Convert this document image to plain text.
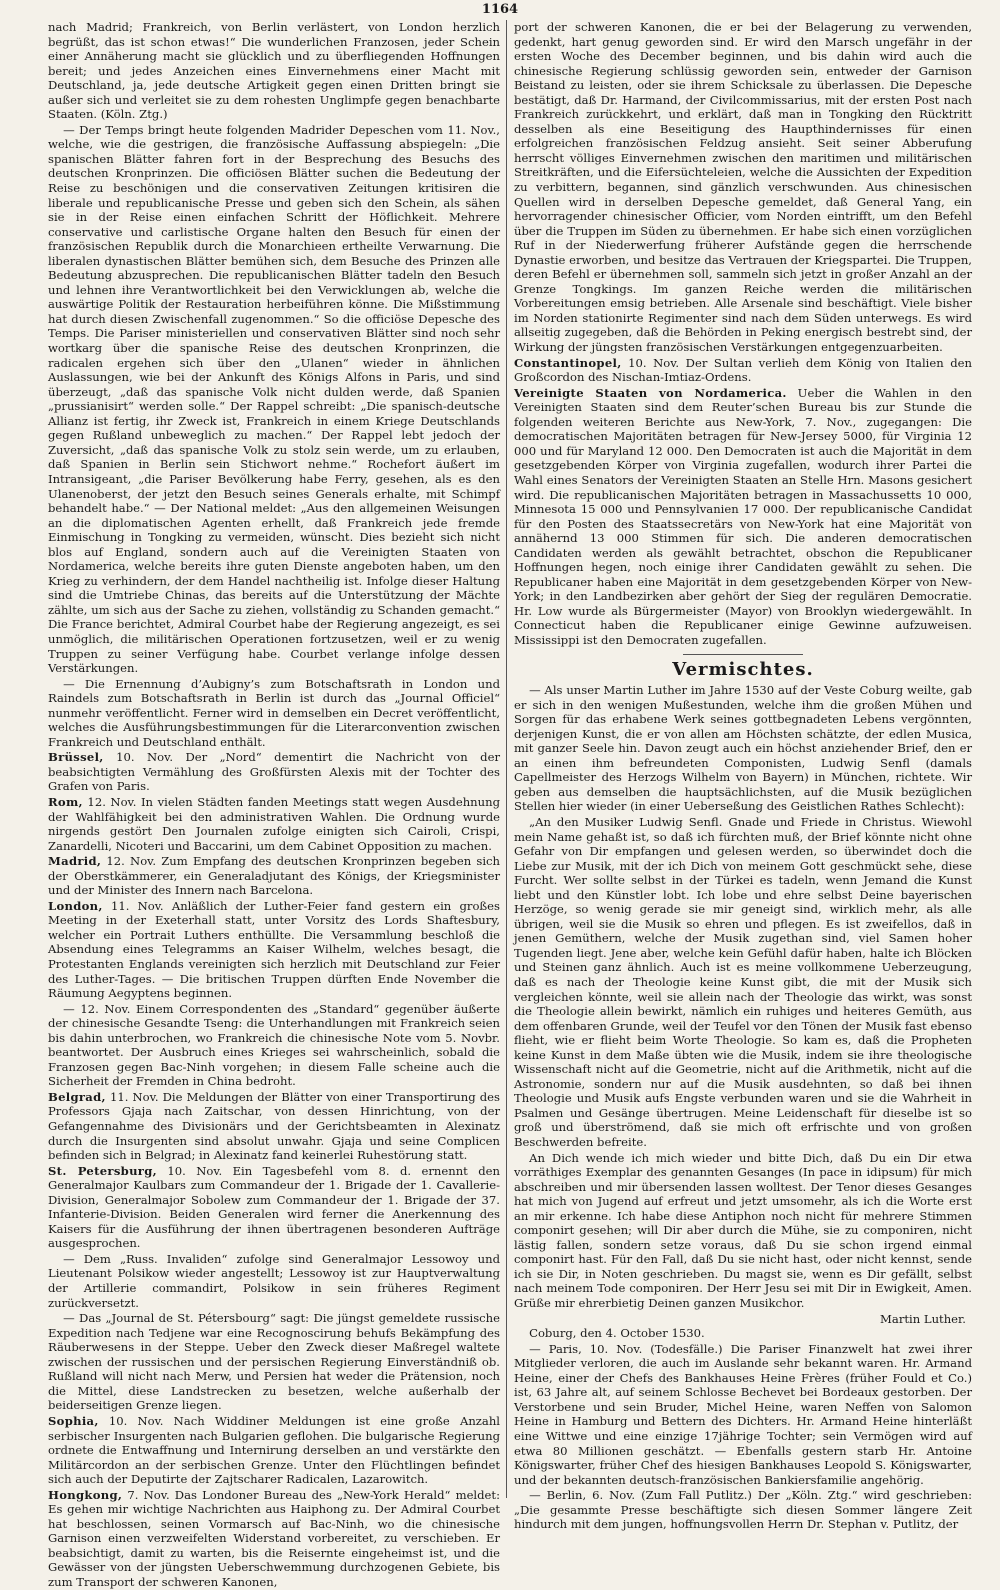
1164

nach Madrid; Frankreich, von Berlin verlästert, von London herzlich begrüßt, das ist schon etwas!“ Die wunderlichen Franzosen, jeder Schein einer Annäherung macht sie glücklich und zu überfliegenden Hoffnungen bereit; und jedes Anzeichen eines Einvernehmens einer Macht mit Deutschland, ja, jede deutsche Artigkeit gegen einen Dritten bringt sie außer sich und verleitet sie zu dem rohesten Unglimpfe gegen benachbarte Staaten. (Köln. Ztg.)

— Der Temps bringt heute folgenden Madrider Depeschen vom 11. Nov., welche, wie die gestrigen, die französische Auffassung abspiegeln: „Die spanischen Blätter fahren fort in der Besprechung des Besuchs des deutschen Kronprinzen. Die officiösen Blätter suchen die Bedeutung der Reise zu beschönigen und die conservativen Zeitungen kritisiren die liberale und republicanische Presse und geben sich den Schein, als sähen sie in der Reise einen einfachen Schritt der Höflichkeit. Mehrere conservative und carlistische Organe halten den Besuch für einen der französischen Republik durch die Monarchieen ertheilte Verwarnung. Die liberalen dynastischen Blätter bemühen sich, dem Besuche des Prinzen alle Bedeutung abzusprechen. Die republicanischen Blätter tadeln den Besuch und lehnen ihre Verantwortlichkeit bei den Verwicklungen ab, welche die auswärtige Politik der Restauration herbeiführen könne. Die Mißstimmung hat durch diesen Zwischenfall zugenommen.“ So die officiöse Depesche des Temps. Die Pariser ministeriellen und conservativen Blätter sind noch sehr wortkarg über die spanische Reise des deutschen Kronprinzen, die radicalen ergehen sich über den „Ulanen“ wieder in ähnlichen Auslassungen, wie bei der Ankunft des Königs Alfons in Paris, und sind überzeugt, „daß das spanische Volk nicht dulden werde, daß Spanien „prussianisirt“ werden solle.“ Der Rappel schreibt: „Die spanisch-deutsche Allianz ist fertig, ihr Zweck ist, Frankreich in einem Kriege Deutschlands gegen Rußland unbeweglich zu machen.“ Der Rappel lebt jedoch der Zuversicht, „daß das spanische Volk zu stolz sein werde, um zu erlauben, daß Spanien in Berlin sein Stichwort nehme.“ Rochefort äußert im Intransigeant, „die Pariser Bevölkerung habe Ferry, gesehen, als es den Ulanenoberst, der jetzt den Besuch seines Generals erhalte, mit Schimpf behandelt habe.“ — Der National meldet: „Aus den allgemeinen Weisungen an die diplomatischen Agenten erhellt, daß Frankreich jede fremde Einmischung in Tongking zu vermeiden, wünscht. Dies bezieht sich nicht blos auf England, sondern auch auf die Vereinigten Staaten von Nordamerica, welche bereits ihre guten Dienste angeboten haben, um den Krieg zu verhindern, der dem Handel nachtheilig ist. Infolge dieser Haltung sind die Umtriebe Chinas, das bereits auf die Unterstützung der Mächte zählte, um sich aus der Sache zu ziehen, vollständig zu Schanden gemacht.“ Die France berichtet, Admiral Courbet habe der Regierung angezeigt, es sei unmöglich, die militärischen Operationen fortzusetzen, weil er zu wenig Truppen zu seiner Verfügung habe. Courbet verlange infolge dessen Verstärkungen.

— Die Ernennung d’Aubigny’s zum Botschaftsrath in London und Raindels zum Botschaftsrath in Berlin ist durch das „Journal Officiel“ nunmehr veröffentlicht. Ferner wird in demselben ein Decret veröffentlicht, welches die Ausführungsbestimmungen für die Literarconvention zwischen Frankreich und Deutschland enthält.

Brüssel, 10. Nov. Der „Nord“ dementirt die Nachricht von der beabsichtigten Vermählung des Großfürsten Alexis mit der Tochter des Grafen von Paris.

Rom, 12. Nov. In vielen Städten fanden Meetings statt wegen Ausdehnung der Wahlfähigkeit bei den administrativen Wahlen. Die Ordnung wurde nirgends gestört Den Journalen zufolge einigten sich Cairoli, Crispi, Zanardelli, Nicoteri und Baccarini, um dem Cabinet Opposition zu machen.

Madrid, 12. Nov. Zum Empfang des deutschen Kronprinzen begeben sich der Oberstkämmerer, ein Generaladjutant des Königs, der Kriegsminister und der Minister des Innern nach Barcelona.

London, 11. Nov. Anläßlich der Luther-Feier fand gestern ein großes Meeting in der Exeterhall statt, unter Vorsitz des Lords Shaftesbury, welcher ein Portrait Luthers enthüllte. Die Versammlung beschloß die Absendung eines Telegramms an Kaiser Wilhelm, welches besagt, die Protestanten Englands vereinigten sich herzlich mit Deutschland zur Feier des Luther-Tages. — Die britischen Truppen dürften Ende November die Räumung Aegyptens beginnen.

— 12. Nov. Einem Correspondenten des „Standard“ gegenüber äußerte der chinesische Gesandte Tseng: die Unterhandlungen mit Frankreich seien bis dahin unterbrochen, wo Frankreich die chinesische Note vom 5. Novbr. beantwortet. Der Ausbruch eines Krieges sei wahrscheinlich, sobald die Franzosen gegen Bac-Ninh vorgehen; in diesem Falle scheine auch die Sicherheit der Fremden in China bedroht.

Belgrad, 11. Nov. Die Meldungen der Blätter von einer Transportirung des Professors Gjaja nach Zaitschar, von dessen Hinrichtung, von der Gefangennahme des Divisionärs und der Gerichtsbeamten in Alexinatz durch die Insurgenten sind absolut unwahr. Gjaja und seine Complicen befinden sich in Belgrad; in Alexinatz fand keinerlei Ruhestörung statt.

St. Petersburg, 10. Nov. Ein Tagesbefehl vom 8. d. ernennt den Generalmajor Kaulbars zum Commandeur der 1. Brigade der 1. Cavallerie-Division, Generalmajor Sobolew zum Commandeur der 1. Brigade der 37. Infanterie-Division. Beiden Generalen wird ferner die Anerkennung des Kaisers für die Ausführung der ihnen übertragenen besonderen Aufträge ausgesprochen.

— Dem „Russ. Invaliden“ zufolge sind Generalmajor Lessowoy und Lieutenant Polsikow wieder angestellt; Lessowoy ist zur Hauptverwaltung der Artillerie commandirt, Polsikow in sein früheres Regiment zurückversetzt.

— Das „Journal de St. Pétersbourg“ sagt: Die jüngst gemeldete russische Expedition nach Tedjene war eine Recognoscirung behufs Bekämpfung des Räuberwesens in der Steppe. Ueber den Zweck dieser Maßregel waltete zwischen der russischen und der persischen Regierung Einverständniß ob. Rußland will nicht nach Merw, und Persien hat weder die Prätension, noch die Mittel, diese Landstrecken zu besetzen, welche außerhalb der beiderseitigen Grenze liegen.

Sophia, 10. Nov. Nach Widdiner Meldungen ist eine große Anzahl serbischer Insurgenten nach Bulgarien geflohen. Die bulgarische Regierung ordnete die Entwaffnung und Internirung derselben an und verstärkte den Militärcordon an der serbischen Grenze. Unter den Flüchtlingen befindet sich auch der Deputirte der Zajtscharer Radicalen, Lazarowitch.

Hongkong, 7. Nov. Das Londoner Bureau des „New-York Herald“ meldet: Es gehen mir wichtige Nachrichten aus Haiphong zu. Der Admiral Courbet hat beschlossen, seinen Vormarsch auf Bac-Ninh, wo die chinesische Garnison einen verzweifelten Widerstand vorbereitet, zu verschieben. Er beabsichtigt, damit zu warten, bis die Reisernte eingeheimst ist, und die Gewässer von der jüngsten Ueberschwemmung durchzogenen Gebiete, bis zum Transport der schweren Kanonen,

port der schweren Kanonen, die er bei der Belagerung zu verwenden, gedenkt, hart genug geworden sind. Er wird den Marsch ungefähr in der ersten Woche des December beginnen, und bis dahin wird auch die chinesische Regierung schlüssig geworden sein, entweder der Garnison Beistand zu leisten, oder sie ihrem Schicksale zu überlassen. Die Depesche bestätigt, daß Dr. Harmand, der Civilcommissarius, mit der ersten Post nach Frankreich zurückkehrt, und erklärt, daß man in Tongking den Rücktritt desselben als eine Beseitigung des Haupthindernisses für einen erfolgreichen französischen Feldzug ansieht. Seit seiner Abberufung herrscht völliges Einvernehmen zwischen den maritimen und militärischen Streitkräften, und die Eifersüchteleien, welche die Aussichten der Expedition zu verbittern, begannen, sind gänzlich verschwunden. Aus chinesischen Quellen wird in derselben Depesche gemeldet, daß General Yang, ein hervorragender chinesischer Officier, vom Norden eintrifft, um den Befehl über die Truppen im Süden zu übernehmen. Er habe sich einen vorzüglichen Ruf in der Niederwerfung früherer Aufstände gegen die herrschende Dynastie erworben, und besitze das Vertrauen der Kriegspartei. Die Truppen, deren Befehl er übernehmen soll, sammeln sich jetzt in großer Anzahl an der Grenze Tongkings. Im ganzen Reiche werden die militärischen Vorbereitungen emsig betrieben. Alle Arsenale sind beschäftigt. Viele bisher im Norden stationirte Regimenter sind nach dem Süden unterwegs. Es wird allseitig zugegeben, daß die Behörden in Peking energisch bestrebt sind, der Wirkung der jüngsten französischen Verstärkungen entgegenzuarbeiten.

Constantinopel, 10. Nov. Der Sultan verlieh dem König von Italien den Großcordon des Nischan-Imtiaz-Ordens.

Vereinigte Staaten von Nordamerica. Ueber die Wahlen in den Vereinigten Staaten sind dem Reuter’schen Bureau bis zur Stunde die folgenden weiteren Berichte aus New-York, 7. Nov., zugegangen: Die democratischen Majoritäten betragen für New-Jersey 5000, für Virginia 12 000 und für Maryland 12 000. Den Democraten ist auch die Majorität in dem gesetzgebenden Körper von Virginia zugefallen, wodurch ihrer Partei die Wahl eines Senators der Vereinigten Staaten an Stelle Hrn. Masons gesichert wird. Die republicanischen Majoritäten betragen in Massachussetts 10 000, Minnesota 15 000 und Pennsylvanien 17 000. Der republicanische Candidat für den Posten des Staatssecretärs von New-York hat eine Majorität von annähernd 13 000 Stimmen für sich. Die anderen democratischen Candidaten werden als gewählt betrachtet, obschon die Republicaner Hoffnungen hegen, noch einige ihrer Candidaten gewählt zu sehen. Die Republicaner haben eine Majorität in dem gesetzgebenden Körper von New-York; in den Landbezirken aber gehört der Sieg der regulären Democratie. Hr. Low wurde als Bürgermeister (Mayor) von Brooklyn wiedergewählt. In Connecticut haben die Republicaner einige Gewinne aufzuweisen. Mississippi ist den Democraten zugefallen.

Vermischtes.

— Als unser Martin Luther im Jahre 1530 auf der Veste Coburg weilte, gab er sich in den wenigen Mußestunden, welche ihm die großen Mühen und Sorgen für das erhabene Werk seines gottbegnadeten Lebens vergönnten, derjenigen Kunst, die er von allen am Höchsten schätzte, der edlen Musica, mit ganzer Seele hin. Davon zeugt auch ein höchst anziehender Brief, den er an einen ihm befreundeten Componisten, Ludwig Senfl (damals Capellmeister des Herzogs Wilhelm von Bayern) in München, richtete. Wir geben aus demselben die hauptsächlichsten, auf die Musik bezüglichen Stellen hier wieder (in einer Ueberseßung des Geistlichen Rathes Schlecht):

„An den Musiker Ludwig Senfl. Gnade und Friede in Christus. Wiewohl mein Name gehaßt ist, so daß ich fürchten muß, der Brief könnte nicht ohne Gefahr von Dir empfangen und gelesen werden, so überwindet doch die Liebe zur Musik, mit der ich Dich von meinem Gott geschmückt sehe, diese Furcht. Wer sollte selbst in der Türkei es tadeln, wenn Jemand die Kunst liebt und den Künstler lobt. Ich lobe und ehre selbst Deine bayerischen Herzöge, so wenig gerade sie mir geneigt sind, wirklich mehr, als alle übrigen, weil sie die Musik so ehren und pflegen. Es ist zweifellos, daß in jenen Gemüthern, welche der Musik zugethan sind, viel Samen hoher Tugenden liegt. Jene aber, welche kein Gefühl dafür haben, halte ich Blöcken und Steinen ganz ähnlich. Auch ist es meine vollkommene Ueberzeugung, daß es nach der Theologie keine Kunst gibt, die mit der Musik sich vergleichen könnte, weil sie allein nach der Theologie das wirkt, was sonst die Theologie allein bewirkt, nämlich ein ruhiges und heiteres Gemüth, aus dem offenbaren Grunde, weil der Teufel vor den Tönen der Musik fast ebenso flieht, wie er flieht beim Worte Theologie. So kam es, daß die Propheten keine Kunst in dem Maße übten wie die Musik, indem sie ihre theologische Wissenschaft nicht auf die Geometrie, nicht auf die Arithmetik, nicht auf die Astronomie, sondern nur auf die Musik ausdehnten, so daß bei ihnen Theologie und Musik aufs Engste verbunden waren und sie die Wahrheit in Psalmen und Gesänge übertrugen. Meine Leidenschaft für dieselbe ist so groß und überströmend, daß sie mich oft erfrischte und von großen Beschwerden befreite.

An Dich wende ich mich wieder und bitte Dich, daß Du ein Dir etwa vorräthiges Exemplar des genannten Gesanges (In pace in idipsum) für mich abschreiben und mir übersenden lassen wolltest. Der Tenor dieses Gesanges hat mich von Jugend auf erfreut und jetzt umsomehr, als ich die Worte erst an mir erkenne. Ich habe diese Antiphon noch nicht für mehrere Stimmen componirt gesehen; will Dir aber durch die Mühe, sie zu componiren, nicht lästig fallen, sondern setze voraus, daß Du sie schon irgend einmal componirt hast. Für den Fall, daß Du sie nicht hast, oder nicht kennst, sende ich sie Dir, in Noten geschrieben. Du magst sie, wenn es Dir gefällt, selbst nach meinem Tode componiren. Der Herr Jesu sei mit Dir in Ewigkeit, Amen. Grüße mir ehrerbietig Deinen ganzen Musikchor.

Martin Luther.

Coburg, den 4. October 1530.

— Paris, 10. Nov. (Todesfälle.) Die Pariser Finanzwelt hat zwei ihrer Mitglieder verloren, die auch im Auslande sehr bekannt waren. Hr. Armand Heine, einer der Chefs des Bankhauses Heine Frères (früher Fould et Co.) ist, 63 Jahre alt, auf seinem Schlosse Bechevet bei Bordeaux gestorben. Der Verstorbene und sein Bruder, Michel Heine, waren Neffen von Salomon Heine in Hamburg und Bettern des Dichters. Hr. Armand Heine hinterläßt eine Wittwe und eine einzige 17jährige Tochter; sein Vermögen wird auf etwa 80 Millionen geschätzt. — Ebenfalls gestern starb Hr. Antoine Königswarter, früher Chef des hiesigen Bankhauses Leopold S. Königswarter, und der bekannten deutsch-französischen Bankiersfamilie angehörig.

— Berlin, 6. Nov. (Zum Fall Putlitz.) Der „Köln. Ztg.“ wird geschrieben: „Die gesammte Presse beschäftigte sich diesen Sommer längere Zeit hindurch mit dem jungen, hoffnungsvollen Herrn Dr. Stephan v. Putlitz, der
